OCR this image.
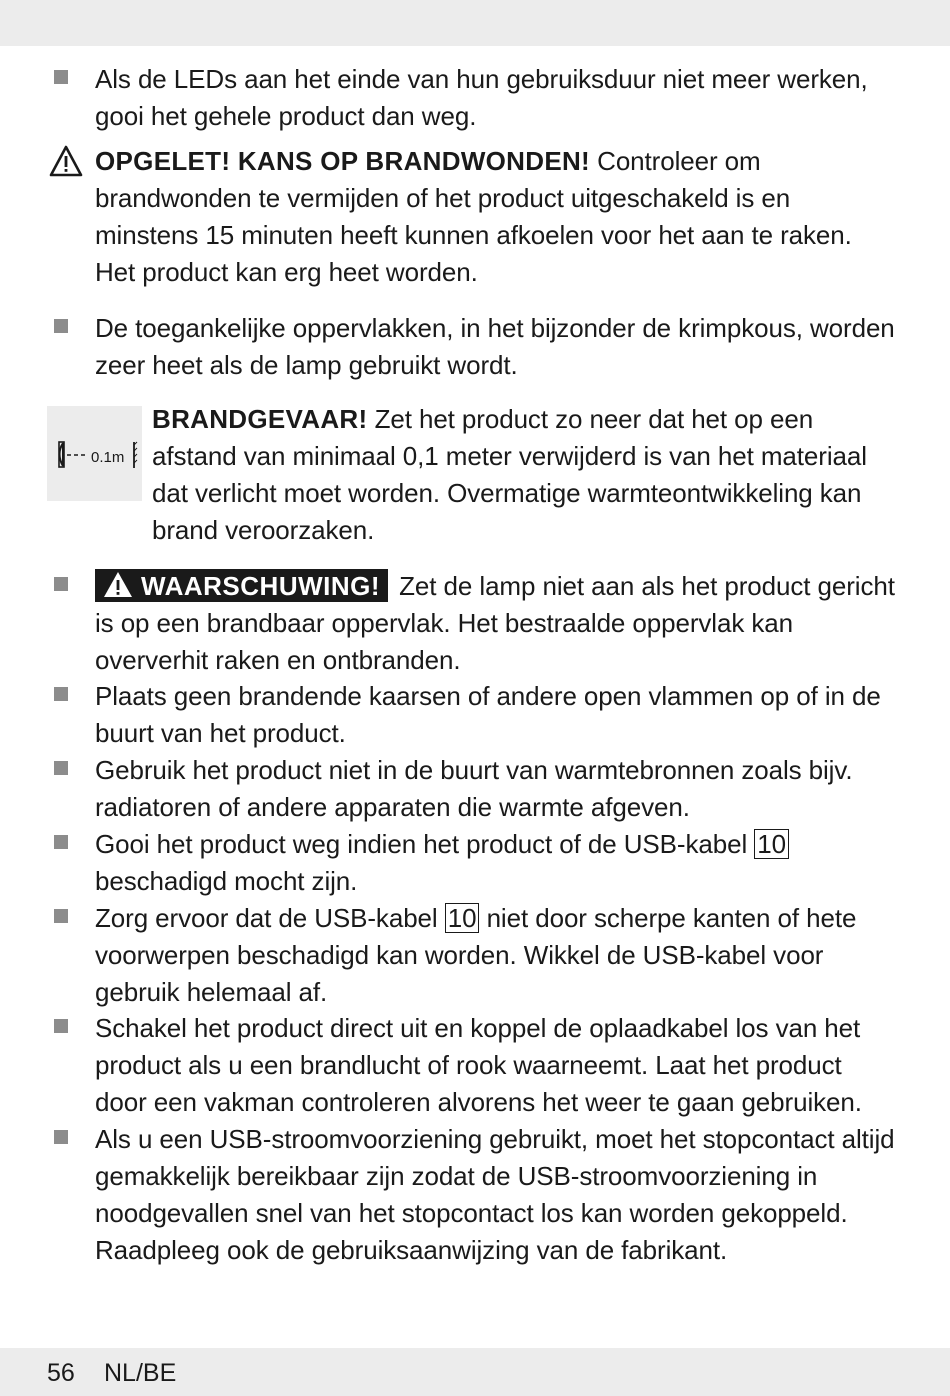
Als de LEDs aan het einde van hun gebruiksduur niet meer werken, gooi het gehele product dan weg.

OPGELET! KANS OP BRANDWONDEN! Controleer om brandwonden te vermijden of het product uitgeschakeld is en minstens 15 minuten heeft kunnen afkoelen voor het aan te raken. Het product kan erg heet worden.

De toegankelijke oppervlakken, in het bijzonder de krimpkous, worden zeer heet als de lamp gebruikt wordt.

0.1m

BRANDGEVAAR! Zet het product zo neer dat het op een afstand van minimaal 0,1 meter verwijderd is van het materiaal dat verlicht moet worden. Overmatige warmteontwikkeling kan brand veroorzaken.

WAARSCHUWING! Zet de lamp niet aan als het product gericht is op een brandbaar oppervlak. Het bestraalde oppervlak kan oververhit raken en ontbranden.

Plaats geen brandende kaarsen of andere open vlammen op of in de buurt van het product.

Gebruik het product niet in de buurt van warmtebronnen zoals bijv. radiatoren of andere apparaten die warmte afgeven.

Gooi het product weg indien het product of de USB-kabel 10 beschadigd mocht zijn.

Zorg ervoor dat de USB-kabel 10 niet door scherpe kanten of hete voorwerpen beschadigd kan worden. Wikkel de USB-kabel voor gebruik helemaal af.

Schakel het product direct uit en koppel de oplaadkabel los van het product als u een brandlucht of rook waarneemt. Laat het product door een vakman controleren alvorens het weer te gaan gebruiken.

Als u een USB-stroomvoorziening gebruikt, moet het stopcontact altijd gemakkelijk bereikbaar zijn zodat de USB-stroomvoorziening in noodgevallen snel van het stopcontact los kan worden gekoppeld. Raadpleeg ook de gebruiksaanwijzing van de fabrikant.

56 NL/BE
